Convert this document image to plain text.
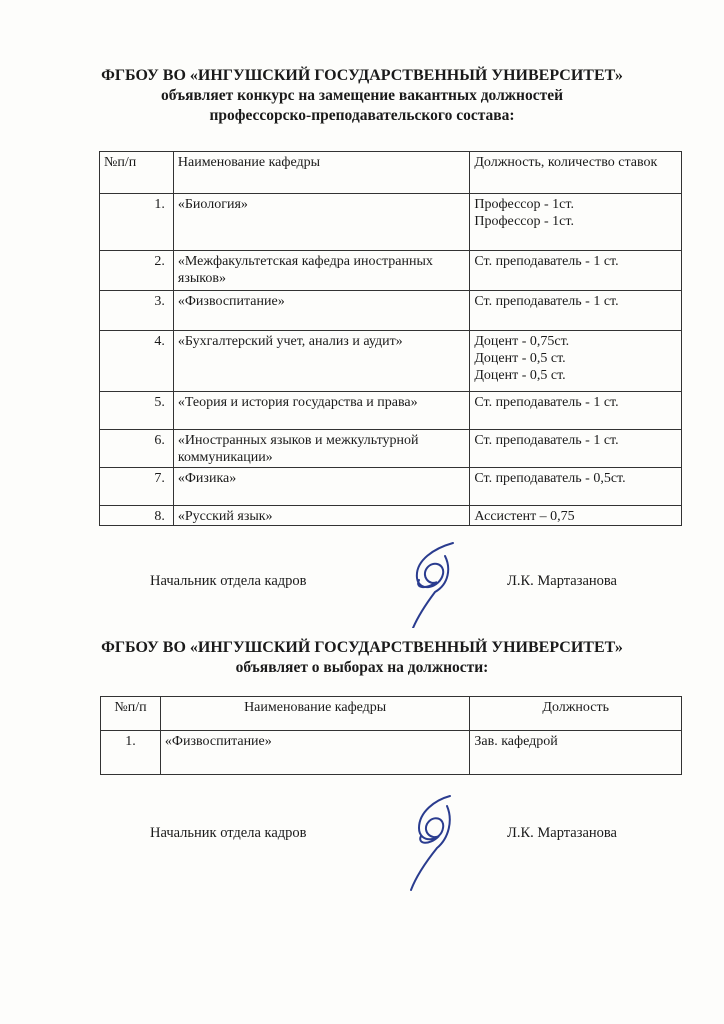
ФГБОУ ВО «ИНГУШСКИЙ ГОСУДАРСТВЕННЫЙ УНИВЕРСИТЕТ»
объявляет конкурс на замещение вакантных должностей
профессорско-преподавательского состава:
№п/п	Наименование кафедры	Должность, количество ставок
1.	«Биология»	Профессор - 1ст.
Профессор - 1ст.

2.	«Межфакультетская кафедра иностранных языков»	Ст. преподаватель - 1 ст.
3.	«Физвоспитание»	Ст. преподаватель - 1 ст.
4.	«Бухгалтерский учет, анализ и аудит»	Доцент - 0,75ст.
Доцент - 0,5 ст.
Доцент - 0,5 ст.

5.	«Теория и история государства и права»	Ст. преподаватель - 1 ст.
6.	«Иностранных языков и межкультурной коммуникации»	Ст. преподаватель - 1 ст.
7.	«Физика»	Ст. преподаватель - 0,5ст.
8.	«Русский язык»	Ассистент – 0,75
Начальник отдела кадров	Л.К. Мартазанова
ФГБОУ ВО «ИНГУШСКИЙ ГОСУДАРСТВЕННЫЙ УНИВЕРСИТЕТ»
объявляет о выборах на должности:
№п/п	Наименование кафедры	Должность
1.	«Физвоспитание»	Зав. кафедрой
Начальник отдела кадров	Л.К. Мартазанова
